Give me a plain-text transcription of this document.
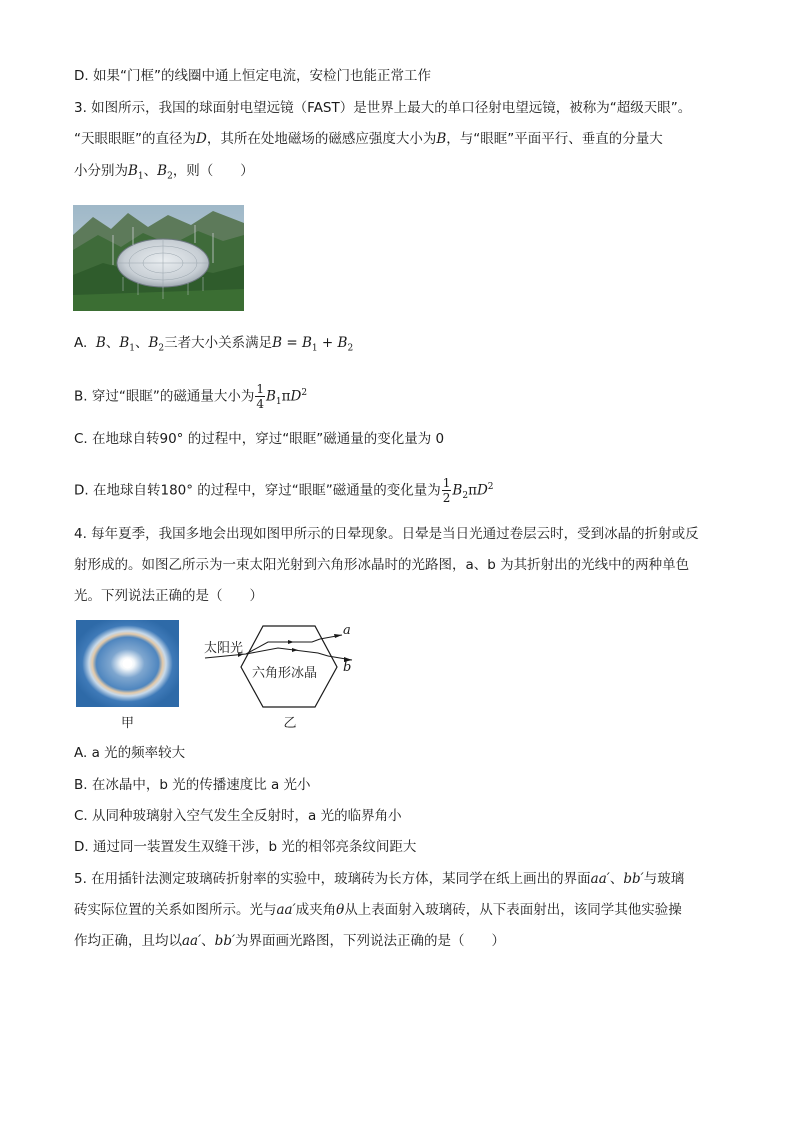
D. 如果“门框”的线圈中通上恒定电流，安检门也能正常工作
3. 如图所示，我国的球面射电望远镜（FAST）是世界上最大的单口径射电望远镜，被称为“超级天眼”。
“天眼眼眶”的直径为D，其所在处地磁场的磁感应强度大小为B，与“眼眶”平面平行、垂直的分量大
小分别为$B_1$、$B_2$，则（　　）
A. B、$B_1$、$B_2$三者大小关系满足$B = B_1 + B_2$
B. 穿过“眼眶”的磁通量大小为 $\frac{1}{4} B_1\pi D^2$
C. 在地球自转90° 的过程中，穿过“眼眶”磁通量的变化量为 0
D. 在地球自转180° 的过程中，穿过“眼眶”磁通量的变化量为 $\frac{1}{2} B_2\pi D^2$
4. 每年夏季，我国多地会出现如图甲所示的日晕现象。日晕是当日光通过卷层云时，受到冰晶的折射或反
射形成的。如图乙所示为一束太阳光射到六角形冰晶时的光路图，a、b 为其折射出的光线中的两种单色
光。下列说法正确的是（　　）
甲
太阳光
六角形冰晶
a
b
乙
A. a 光的频率较大
B. 在冰晶中，b 光的传播速度比 a 光小
C. 从同种玻璃射入空气发生全反射时，a 光的临界角小
D. 通过同一装置发生双缝干涉，b 光的相邻亮条纹间距大
5. 在用插针法测定玻璃砖折射率的实验中，玻璃砖为长方体，某同学在纸上画出的界面aa′、bb′与玻璃
砖实际位置的关系如图所示。光与aa′成夹角θ从上表面射入玻璃砖，从下表面射出，该同学其他实验操
作均正确，且均以aa′、bb′为界面画光路图，下列说法正确的是（　　）
